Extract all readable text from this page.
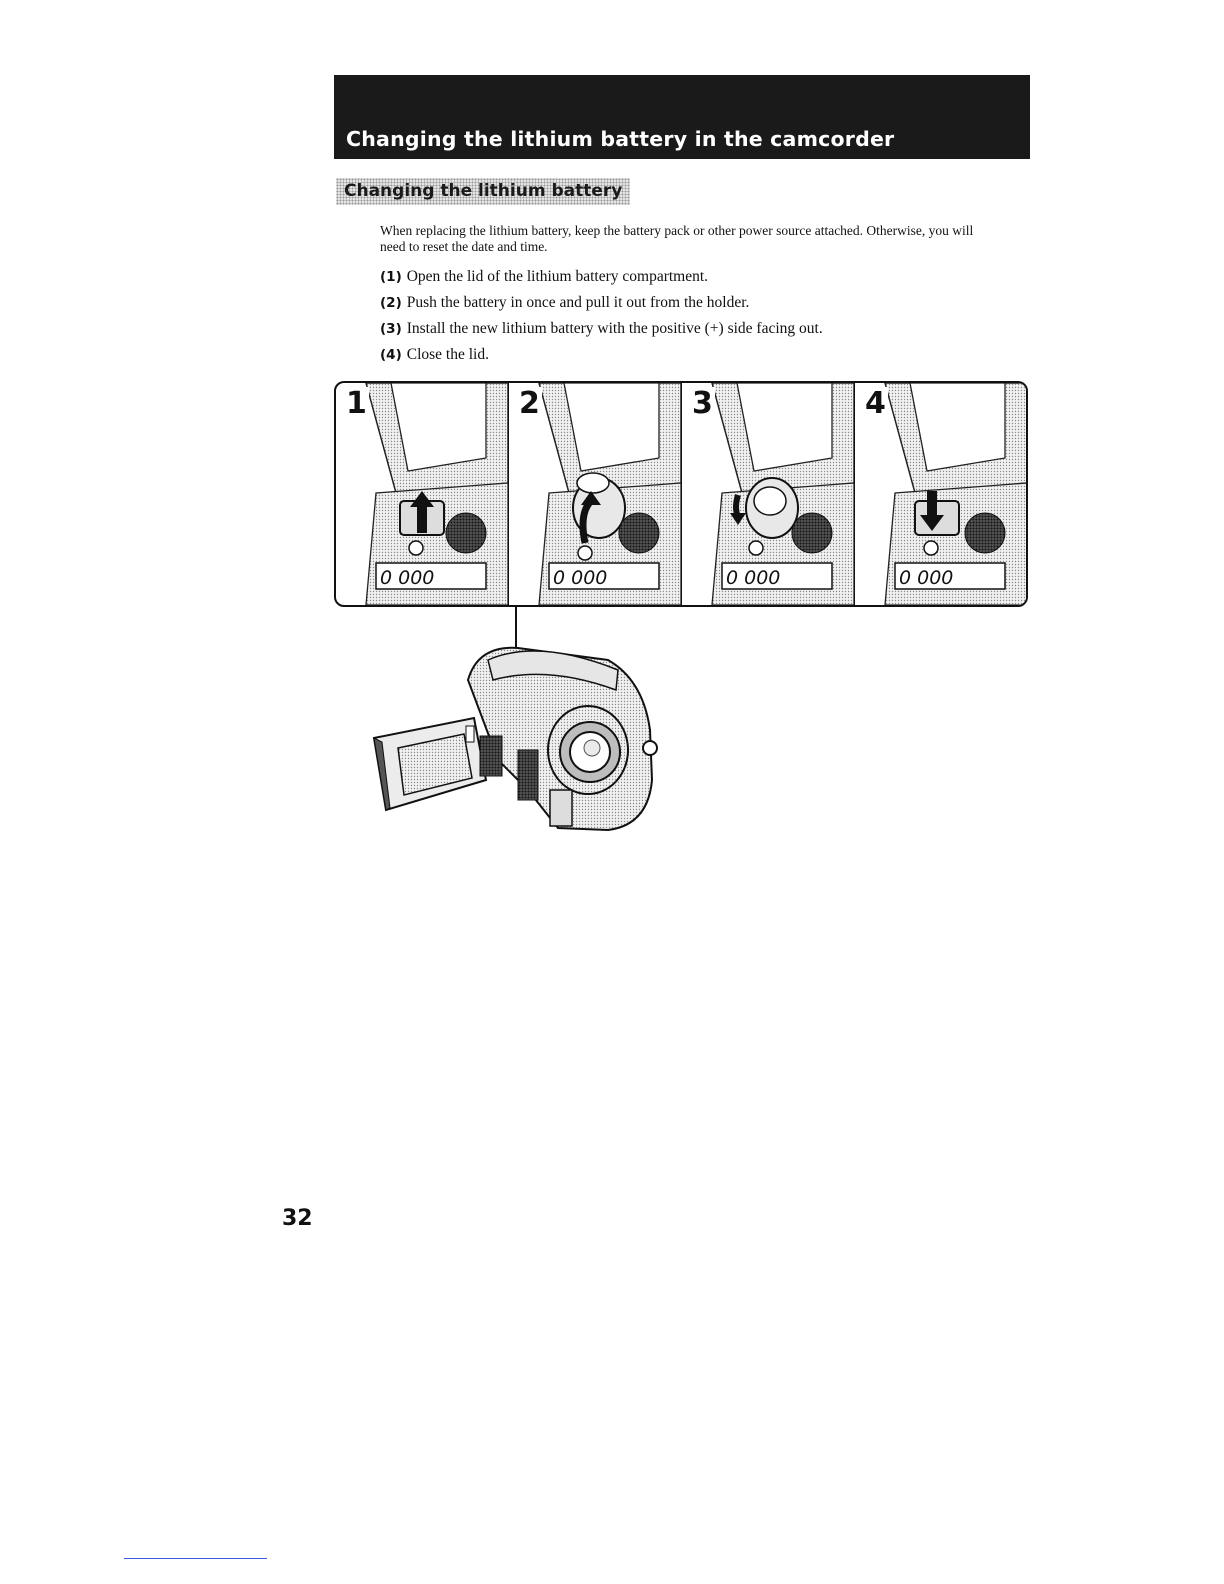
Changing the lithium battery in the camcorder
Changing the lithium battery

When replacing the lithium battery, keep the battery pack or other power source attached. Otherwise, you will need to reset the date and time.

(1) Open the lid of the lithium battery compartment.
(2) Push the battery in once and pull it out from the holder.
(3) Install the new lithium battery with the positive (+) side facing out.
(4) Close the lid.
0 000
1
0 000
2
0 000
3
0 000
4
32
